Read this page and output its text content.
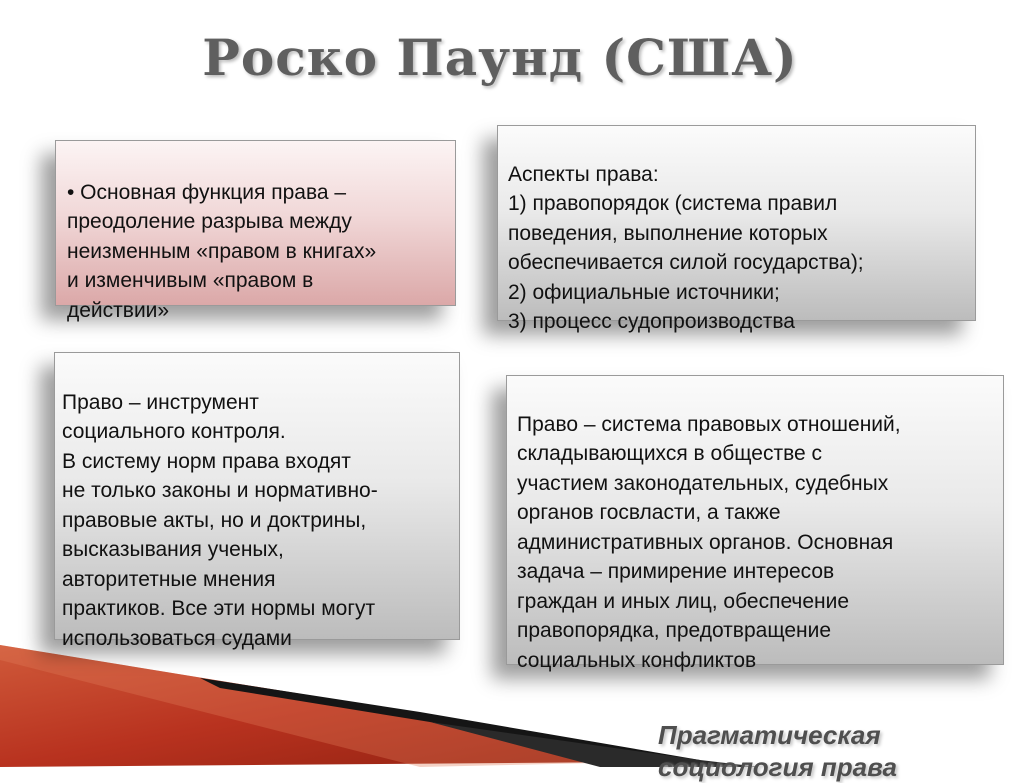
Роско Паунд (США)

• Основная функция права –
преодоление разрыва между
неизменным «правом в книгах»
и изменчивым «правом в
действии»

Аспекты права:
1) правопорядок (система правил
поведения, выполнение которых
обеспечивается силой государства);
2) официальные источники;
3) процесс судопроизводства

Право – инструмент
социального контроля.
В систему норм права входят
не только законы и нормативно-
правовые акты, но и доктрины,
высказывания ученых,
авторитетные мнения
практиков. Все эти нормы могут
использоваться судами

Право – система правовых отношений,
складывающихся в обществе с
участием законодательных, судебных
органов госвласти, а также
административных органов. Основная
задача – примирение интересов
граждан и иных лиц, обеспечение
правопорядка, предотвращение
социальных конфликтов

Прагматическая
социология права
